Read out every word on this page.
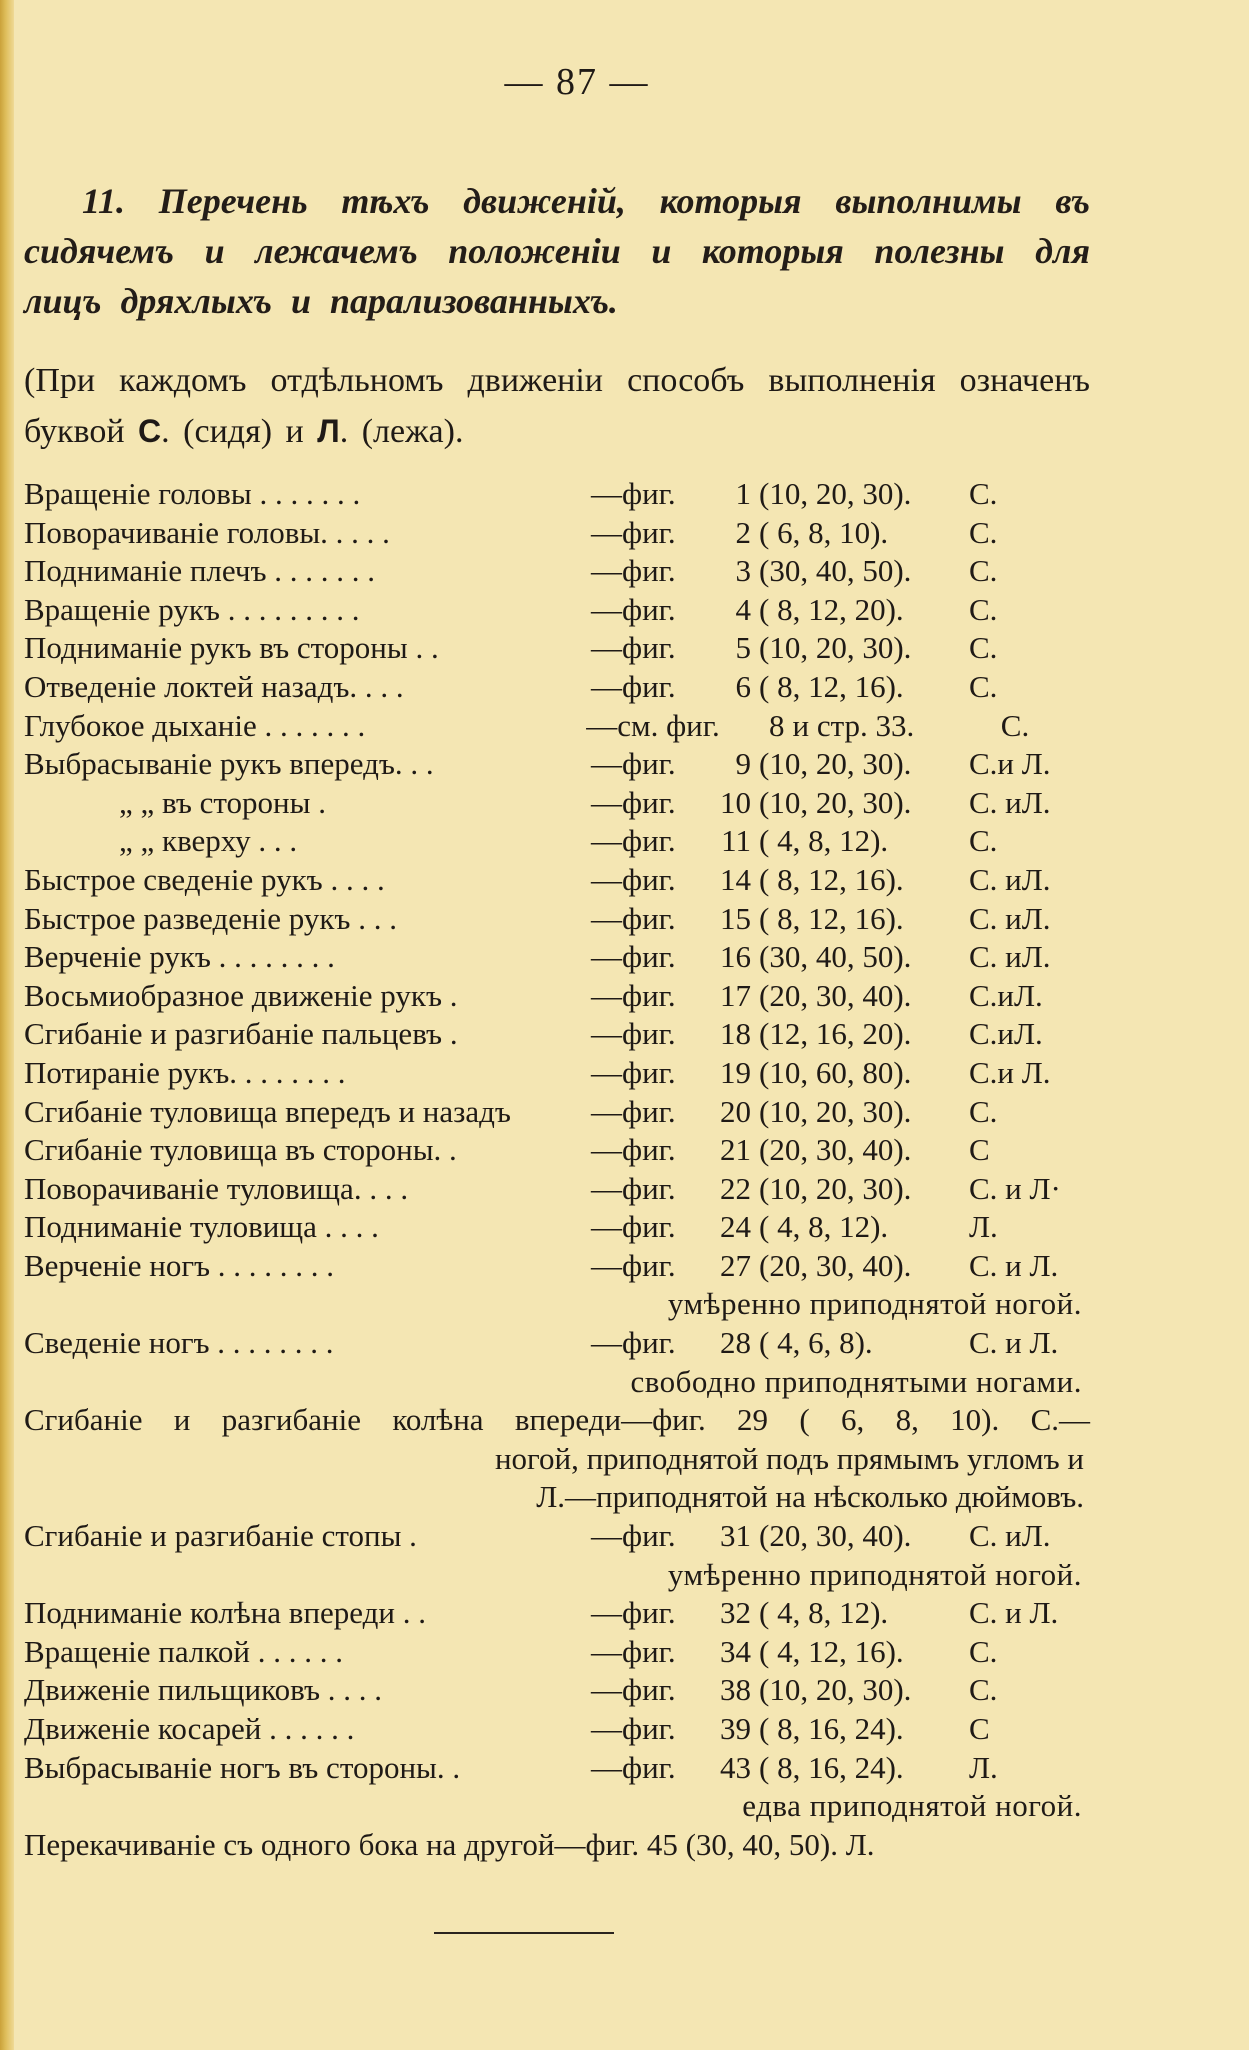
— 87 —
11. Перечень тѣхъ движеній, которыя выполнимы въ сидячемъ и лежачемъ положеніи и которыя полезны для лицъ дряхлыхъ и парализованныхъ.
(При каждомъ отдѣльномъ движеніи способъ выполненія означенъ буквой С. (сидя) и Л. (лежа).
Вращеніе головы . . . . . . .	—фиг.	1 (10, 20, 30).	С.
Поворачиваніе головы. . . . .	—фиг.	2 ( 6, 8, 10).	С.
Подниманіе плечъ . . . . . . .	—фиг.	3 (30, 40, 50).	С.
Вращеніе рукъ . . . . . . . . .	—фиг.	4 ( 8, 12, 20).	С.
Подниманіе рукъ въ стороны . .	—фиг.	5 (10, 20, 30).	С.
Отведеніе локтей назадъ. . . .	—фиг.	6 ( 8, 12, 16).	С.
Глубокое дыханіе . . . . . . .	—см. фиг.	8 и стр. 33.	С.
Выбрасываніе рукъ впередъ. . .	—фиг.	9 (10, 20, 30).	С.и Л.
„ „ въ стороны .	—фиг.	10 (10, 20, 30).	С. иЛ.
„ „ кверху . . .	—фиг.	11 ( 4, 8, 12).	С.
Быстрое сведеніе рукъ . . . .	—фиг.	14 ( 8, 12, 16).	С. иЛ.
Быстрое разведеніе рукъ . . .	—фиг.	15 ( 8, 12, 16).	С. иЛ.
Верченіе рукъ . . . . . . . .	—фиг.	16 (30, 40, 50).	С. иЛ.
Восьмиобразное движеніе рукъ .	—фиг.	17 (20, 30, 40).	С.иЛ.
Сгибаніе и разгибаніе пальцевъ .	—фиг.	18 (12, 16, 20).	С.иЛ.
Потираніе рукъ. . . . . . . .	—фиг.	19 (10, 60, 80).	С.и Л.
Сгибаніе туловища впередъ и назадъ	—фиг.	20 (10, 20, 30).	С.
Сгибаніе туловища въ стороны. .	—фиг.	21 (20, 30, 40).	С
Поворачиваніе туловища. . . .	—фиг.	22 (10, 20, 30).	С. и Л·
Подниманіе туловища . . . .	—фиг.	24 ( 4, 8, 12).	Л.
Верченіе ногъ . . . . . . . .	—фиг.	27 (20, 30, 40).	С. и Л.
умѣренно приподнятой ногой.
Сведеніе ногъ . . . . . . . .	—фиг.	28 ( 4, 6, 8).	С. и Л.
свободно приподнятыми ногами.
Сгибаніе и разгибаніе колѣна впереди—фиг. 29 ( 6, 8, 10). С.—
ногой, приподнятой подъ прямымъ угломъ и
Л.—приподнятой на нѣсколько дюймовъ.
Сгибаніе и разгибаніе стопы .	—фиг.	31 (20, 30, 40).	С. иЛ.
умѣренно приподнятой ногой.
Подниманіе колѣна впереди . .	—фиг.	32 ( 4, 8, 12).	С. и Л.
Вращеніе палкой . . . . . .	—фиг.	34 ( 4, 12, 16).	С.
Движеніе пильщиковъ . . . .	—фиг.	38 (10, 20, 30).	С.
Движеніе косарей . . . . . .	—фиг.	39 ( 8, 16, 24).	С
Выбрасываніе ногъ въ стороны. .	—фиг.	43 ( 8, 16, 24).	Л.
едва приподнятой ногой.
Перекачиваніе съ одного бока на другой—фиг. 45 (30, 40, 50). Л.
